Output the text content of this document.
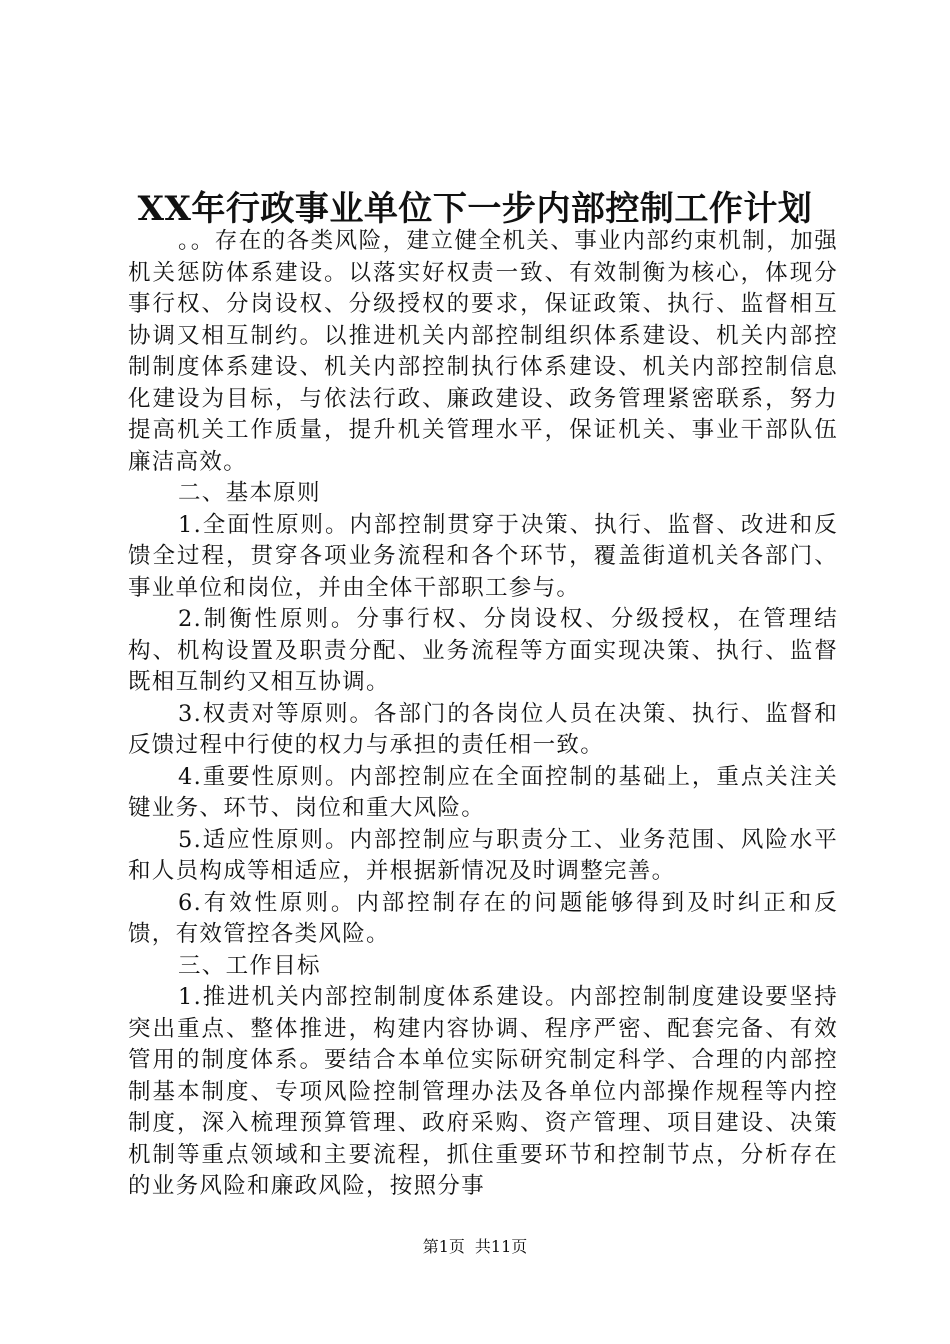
XX年行政事业单位下一步内部控制工作计划

。。存在的各类风险，建立健全机关、事业内部约束机制，加强机关惩防体系建设。以落实好权责一致、有效制衡为核心，体现分事行权、分岗设权、分级授权的要求，保证政策、执行、监督相互协调又相互制约。以推进机关内部控制组织体系建设、机关内部控制制度体系建设、机关内部控制执行体系建设、机关内部控制信息化建设为目标，与依法行政、廉政建设、政务管理紧密联系，努力提高机关工作质量，提升机关管理水平，保证机关、事业干部队伍廉洁高效。

二、基本原则

1.全面性原则。内部控制贯穿于决策、执行、监督、改进和反馈全过程，贯穿各项业务流程和各个环节，覆盖街道机关各部门、事业单位和岗位，并由全体干部职工参与。

2.制衡性原则。分事行权、分岗设权、分级授权，在管理结构、机构设置及职责分配、业务流程等方面实现决策、执行、监督既相互制约又相互协调。

3.权责对等原则。各部门的各岗位人员在决策、执行、监督和反馈过程中行使的权力与承担的责任相一致。

4.重要性原则。内部控制应在全面控制的基础上，重点关注关键业务、环节、岗位和重大风险。

5.适应性原则。内部控制应与职责分工、业务范围、风险水平和人员构成等相适应，并根据新情况及时调整完善。

6.有效性原则。内部控制存在的问题能够得到及时纠正和反馈，有效管控各类风险。

三、工作目标

1.推进机关内部控制制度体系建设。内部控制制度建设要坚持突出重点、整体推进，构建内容协调、程序严密、配套完备、有效管用的制度体系。要结合本单位实际研究制定科学、合理的内部控制基本制度、专项风险控制管理办法及各单位内部操作规程等内控制度，深入梳理预算管理、政府采购、资产管理、项目建设、决策机制等重点领域和主要流程，抓住重要环节和控制节点，分析存在的业务风险和廉政风险，按照分事

第1页 共11页
